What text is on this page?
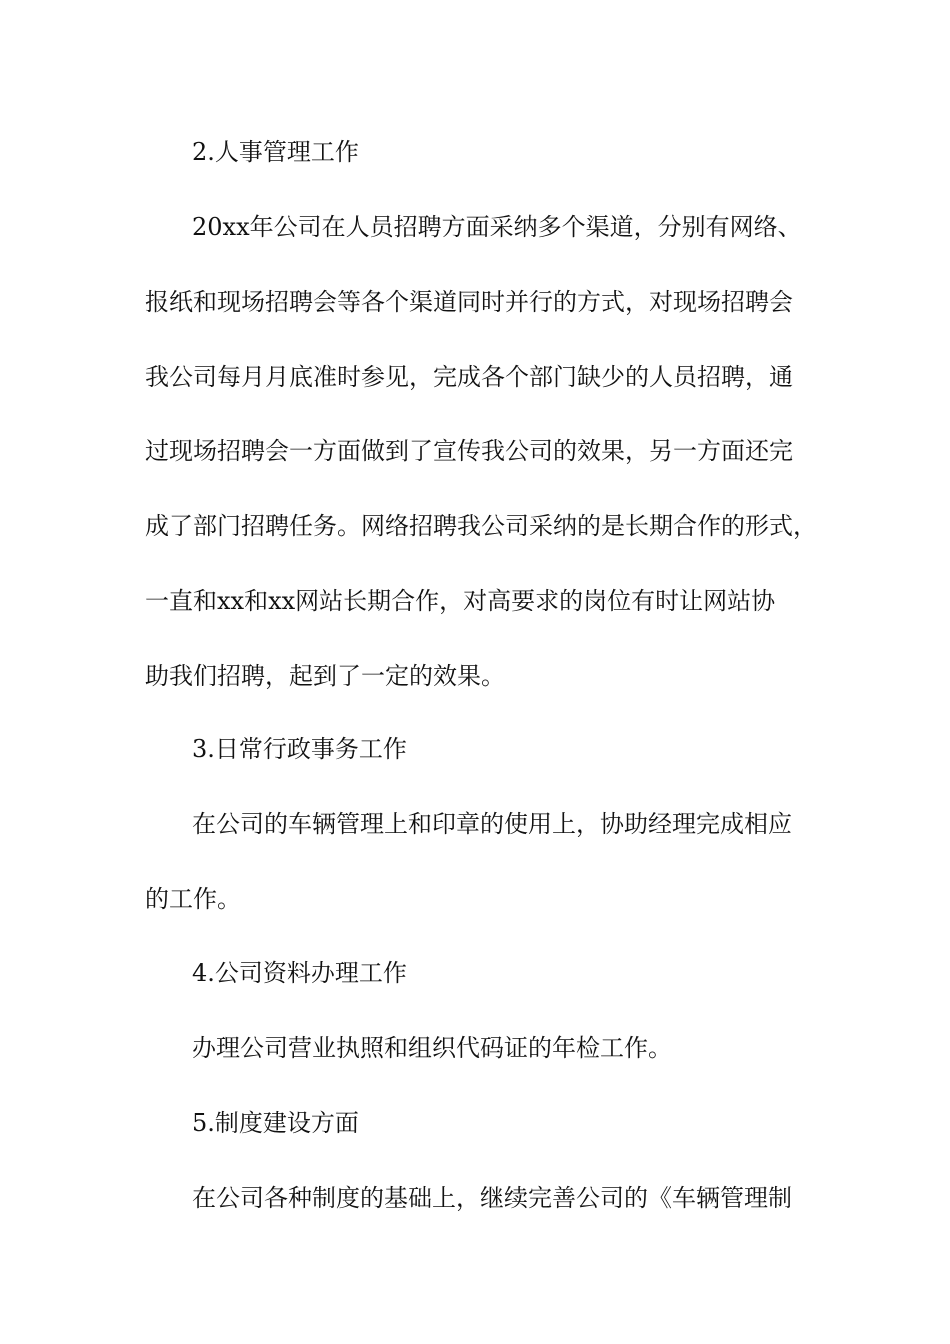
2.人事管理工作

20xx年公司在人员招聘方面采纳多个渠道，分别有网络、

报纸和现场招聘会等各个渠道同时并行的方式，对现场招聘会

我公司每月月底准时参见，完成各个部门缺少的人员招聘，通

过现场招聘会一方面做到了宣传我公司的效果，另一方面还完

成了部门招聘任务。网络招聘我公司采纳的是长期合作的形式，

一直和xx和xx网站长期合作，对高要求的岗位有时让网站协

助我们招聘，起到了一定的效果。

3.日常行政事务工作

在公司的车辆管理上和印章的使用上，协助经理完成相应

的工作。

4.公司资料办理工作

办理公司营业执照和组织代码证的年检工作。

5.制度建设方面

在公司各种制度的基础上，继续完善公司的《车辆管理制
